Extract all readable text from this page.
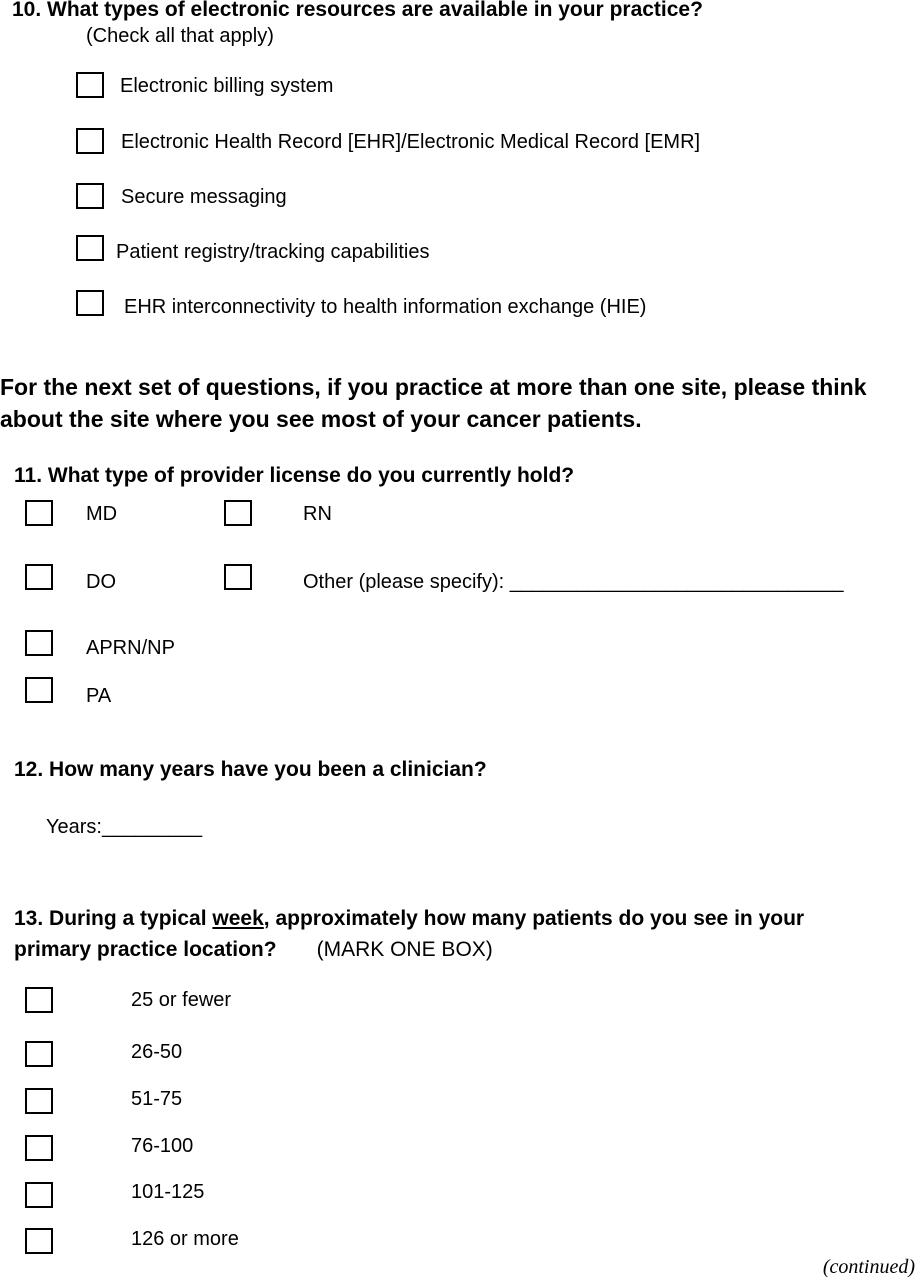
10. What types of electronic resources are available in your practice?
(Check all that apply)
Electronic billing system
Electronic Health Record [EHR]/Electronic Medical Record [EMR]
Secure messaging
Patient registry/tracking capabilities
EHR interconnectivity to health information exchange (HIE)
For the next set of questions, if you practice at more than one site, please think
about the site where you see most of your cancer patients.
11. What type of provider license do you currently hold?
MD	RN
DO	Other (please specify): ______________________________
APRN/NP
PA
12. How many years have you been a clinician?
Years:_________
13. During a typical week, approximately how many patients do you see in your
primary practice location? (MARK ONE BOX)
25 or fewer
26-50
51-75
76-100
101-125
126 or more
(continued)
